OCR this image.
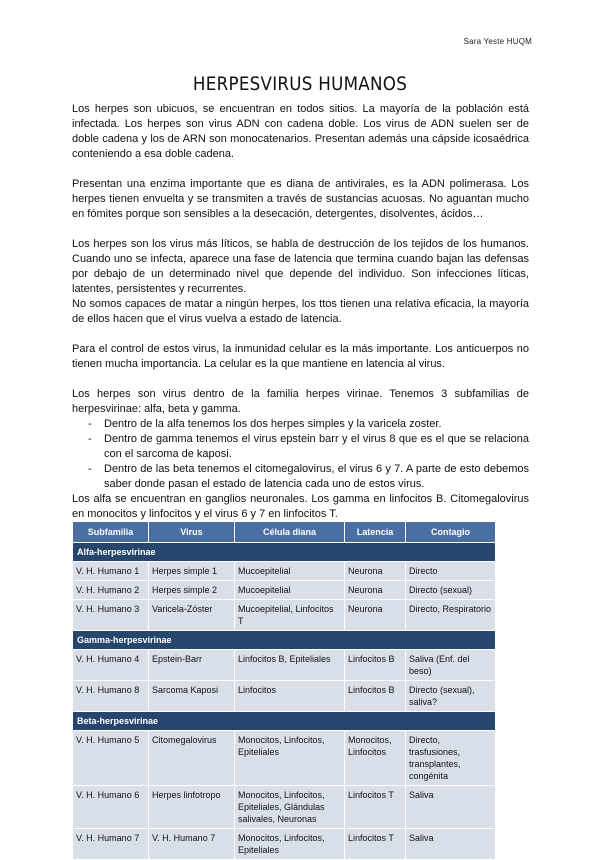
Sara Yeste HUQM
HERPESVIRUS HUMANOS

Los herpes son ubicuos, se encuentran en todos sitios. La mayoría de la población está infectada. Los herpes son virus ADN con cadena doble. Los virus de ADN suelen ser de doble cadena y los de ARN son monocatenarios. Presentan además una cápside icosaédrica conteniendo a esa doble cadena.

Presentan una enzima importante que es diana de antivirales, es la ADN polimerasa. Los herpes tienen envuelta y se transmiten a través de sustancias acuosas. No aguantan mucho en fómites porque son sensibles a la desecación, detergentes, disolventes, ácidos…

Los herpes son los virus más líticos, se habla de destrucción de los tejidos de los humanos. Cuando uno se infecta, aparece una fase de latencia que termina cuando bajan las defensas por debajo de un determinado nivel que depende del individuo. Son infecciones líticas, latentes, persistentes y recurrentes.

No somos capaces de matar a ningún herpes, los ttos tienen una relativa eficacia, la mayoría de ellos hacen que el virus vuelva a estado de latencia.

Para el control de estos virus, la inmunidad celular es la más importante. Los anticuerpos no tienen mucha importancia. La celular es la que mantiene en latencia al virus.

Los herpes son virus dentro de la familia herpes virinae. Tenemos 3 subfamilias de herpesvirinae: alfa, beta y gamma.

- Dentro de la alfa tenemos los dos herpes simples y la varicela zoster.
- Dentro de gamma tenemos el virus epstein barr y el virus 8 que es el que se relaciona con el sarcoma de kaposi.
- Dentro de las beta tenemos el citomegalovirus, el virus 6 y 7. A parte de esto debemos saber donde pasan el estado de latencia cada uno de estos virus.

Los alfa se encuentran en ganglios neuronales. Los gamma en linfocitos B. Citomegalovirus en monocitos y linfocitos y el virus 6 y 7 en linfocitos T.

Subfamilia	Virus	Célula diana	Latencia	Contagio
Alfa-herpesvirinae				
V. H. Humano 1	Herpes simple 1	Mucoepitelial	Neurona	Directo
V. H. Humano 2	Herpes simple 2	Mucoepitelial	Neurona	Directo (sexual)
V. H. Humano 3	Varicela-Zóster	Mucoepitelial, Linfocitos T	Neurona	Directo, Respiratorio
Gamma-herpesvirinae				
V. H. Humano 4	Epstein-Barr	Linfocitos B, Epiteliales	Linfocitos B	Saliva (Enf. del beso)
V. H. Humano 8	Sarcoma Kaposi	Linfocitos	Linfocitos B	Directo (sexual), saliva?
Beta-herpesvirinae				
V. H. Humano 5	Citomegalovirus	Monocitos, Linfocitos, Epiteliales	Monocitos, Linfocitos	Directo, trasfusiones, transplantes, congénita
V. H. Humano 6	Herpes linfotropo	Monocitos, Linfocitos, Epiteliales, Glándulas salivales, Neuronas	Linfocitos T	Saliva
V. H. Humano 7	V. H. Humano 7	Monocitos, Linfocitos, Epiteliales	Linfocitos T	Saliva
